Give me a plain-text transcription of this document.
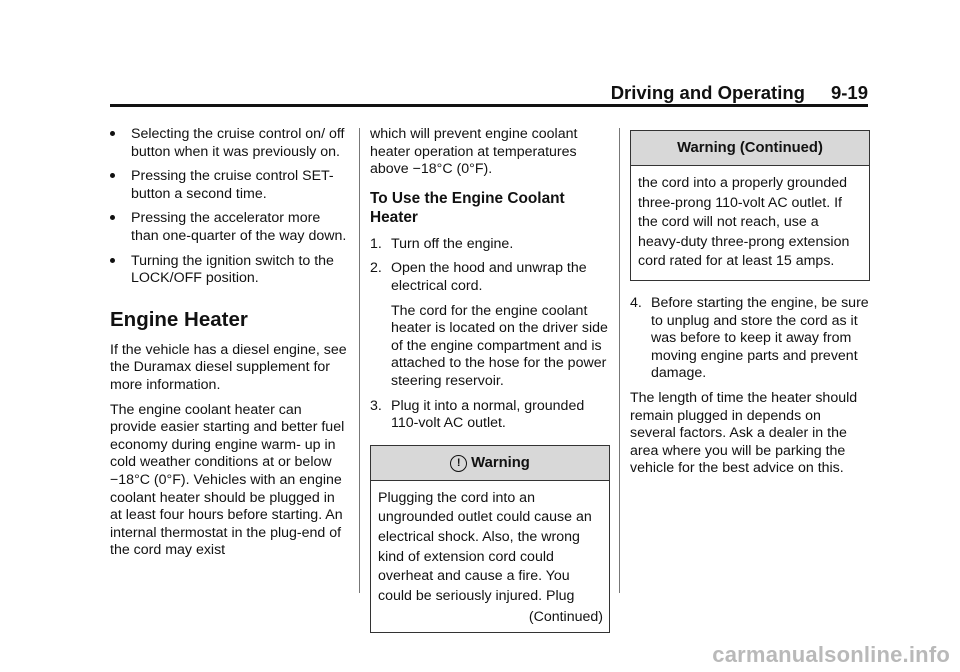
Driving and Operating 9-19
Selecting the cruise control on/ off button when it was previously on.
Pressing the cruise control SET- button a second time.
Pressing the accelerator more than one-quarter of the way down.
Turning the ignition switch to the LOCK/OFF position.
Engine Heater

If the vehicle has a diesel engine, see the Duramax diesel supplement for more information.

The engine coolant heater can provide easier starting and better fuel economy during engine warm- up in cold weather conditions at or below −18°C (0°F). Vehicles with an engine coolant heater should be plugged in at least four hours before starting. An internal thermostat in the plug-end of the cord may exist

which will prevent engine coolant heater operation at temperatures above −18°C (0°F).

To Use the Engine Coolant Heater
1. Turn off the engine.
2. Open the hood and unwrap the electrical cord.
The cord for the engine coolant heater is located on the driver side of the engine compartment and is attached to the hose for the power steering reservoir.
3. Plug it into a normal, grounded 110-volt AC outlet.
! Warning
Plugging the cord into an ungrounded outlet could cause an electrical shock. Also, the wrong kind of extension cord could overheat and cause a fire. You could be seriously injured. Plug
(Continued)
Warning (Continued)
the cord into a properly grounded three-prong 110-volt AC outlet. If the cord will not reach, use a heavy-duty three-prong extension cord rated for at least 15 amps.
4. Before starting the engine, be sure to unplug and store the cord as it was before to keep it away from moving engine parts and prevent damage.

The length of time the heater should remain plugged in depends on several factors. Ask a dealer in the area where you will be parking the vehicle for the best advice on this.

carmanualsonline.info
